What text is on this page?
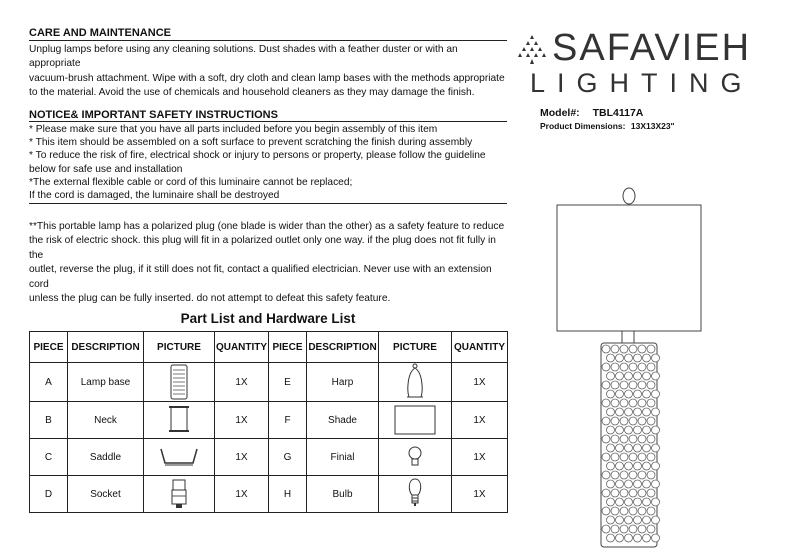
CARE AND MAINTENANCE
Unplug lamps before using any cleaning solutions. Dust shades with a feather duster or with an appropriate
vacuum-brush attachment. Wipe with a soft, dry cloth and clean lamp bases with the methods appropriate
to the material. Avoid the use of chemicals and household cleaners as they may damage the finish.
NOTICE& IMPORTANT SAFETY INSTRUCTIONS
* Please make sure that you have all parts included before you begin assembly of this item
* This item should be assembled on a soft surface to prevent scratching the finish during assembly
* To reduce the risk of fire, electrical shock or injury to persons or property, please follow the guideline
below for safe use and installation
*The external flexible cable or cord of this luminaire cannot be replaced;
If the cord is damaged, the luminaire shall be destroyed
**This portable lamp has a polarized plug (one blade is wider than the other) as a safety feature to reduce
the risk of electric shock. this plug will fit in a polarized outlet only one way. if the plug does not fit fully in the
outlet, reverse the plug, if it still does not fit, contact a qualified electrician. Never use with an extension cord
unless the plug can be fully inserted. do not attempt to defeat this safety feature.
SAFAVIEH
LIGHTING
Model#: TBL4117A
Product Dimensions: 13X13X23"
Part List and Hardware List
PIECE	DESCRIPTION	PICTURE	QUANTITY	PIECE	DESCRIPTION	PICTURE	QUANTITY
A	Lamp base		1X	E	Harp		1X
B	Neck		1X	F	Shade		1X
C	Saddle		1X	G	Finial		1X
D	Socket		1X	H	Bulb		1X
